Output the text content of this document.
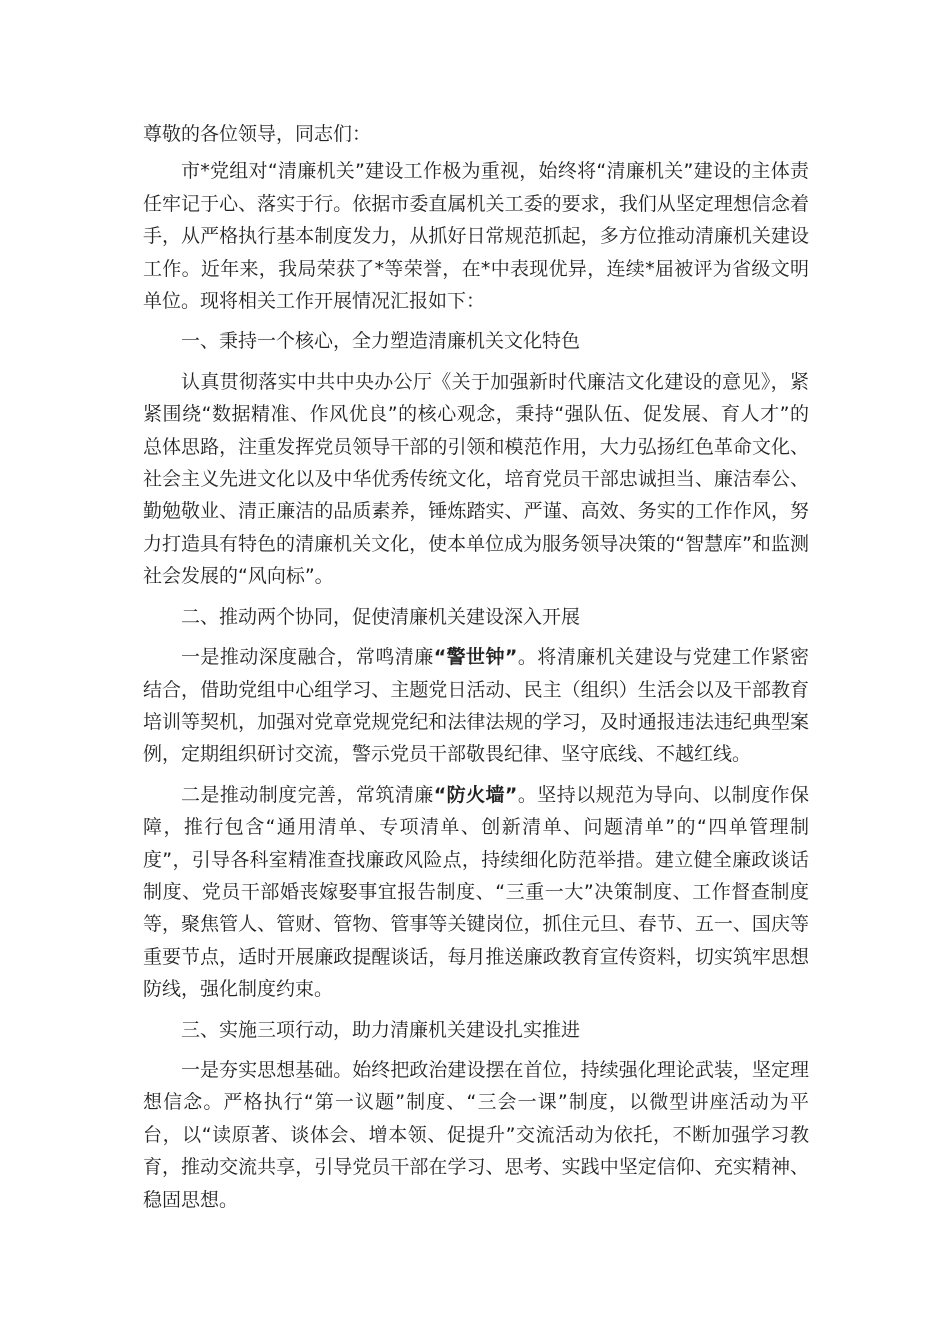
尊敬的各位领导，同志们：

市*党组对“清廉机关”建设工作极为重视，始终将“清廉机关”建设的主体责任牢记于心、落实于行。依据市委直属机关工委的要求，我们从坚定理想信念着手，从严格执行基本制度发力，从抓好日常规范抓起，多方位推动清廉机关建设工作。近年来，我局荣获了*等荣誉，在*中表现优异，连续*届被评为省级文明单位。现将相关工作开展情况汇报如下：

一、秉持一个核心，全力塑造清廉机关文化特色

认真贯彻落实中共中央办公厅《关于加强新时代廉洁文化建设的意见》，紧紧围绕“数据精准、作风优良”的核心观念，秉持“强队伍、促发展、育人才”的总体思路，注重发挥党员领导干部的引领和模范作用，大力弘扬红色革命文化、社会主义先进文化以及中华优秀传统文化，培育党员干部忠诚担当、廉洁奉公、勤勉敬业、清正廉洁的品质素养，锤炼踏实、严谨、高效、务实的工作作风，努力打造具有特色的清廉机关文化，使本单位成为服务领导决策的“智慧库”和监测社会发展的“风向标”。

二、推动两个协同，促使清廉机关建设深入开展

一是推动深度融合，常鸣清廉“警世钟”。将清廉机关建设与党建工作紧密结合，借助党组中心组学习、主题党日活动、民主（组织）生活会以及干部教育培训等契机，加强对党章党规党纪和法律法规的学习，及时通报违法违纪典型案例，定期组织研讨交流，警示党员干部敬畏纪律、坚守底线、不越红线。

二是推动制度完善，常筑清廉“防火墙”。坚持以规范为导向、以制度作保障，推行包含“通用清单、专项清单、创新清单、问题清单”的“四单管理制度”，引导各科室精准查找廉政风险点，持续细化防范举措。建立健全廉政谈话制度、党员干部婚丧嫁娶事宜报告制度、“三重一大”决策制度、工作督查制度等，聚焦管人、管财、管物、管事等关键岗位，抓住元旦、春节、五一、国庆等重要节点，适时开展廉政提醒谈话，每月推送廉政教育宣传资料，切实筑牢思想防线，强化制度约束。

三、实施三项行动，助力清廉机关建设扎实推进

一是夯实思想基础。始终把政治建设摆在首位，持续强化理论武装，坚定理想信念。严格执行“第一议题”制度、“三会一课”制度，以微型讲座活动为平台，以“读原著、谈体会、增本领、促提升”交流活动为依托，不断加强学习教育，推动交流共享，引导党员干部在学习、思考、实践中坚定信仰、充实精神、稳固思想。
